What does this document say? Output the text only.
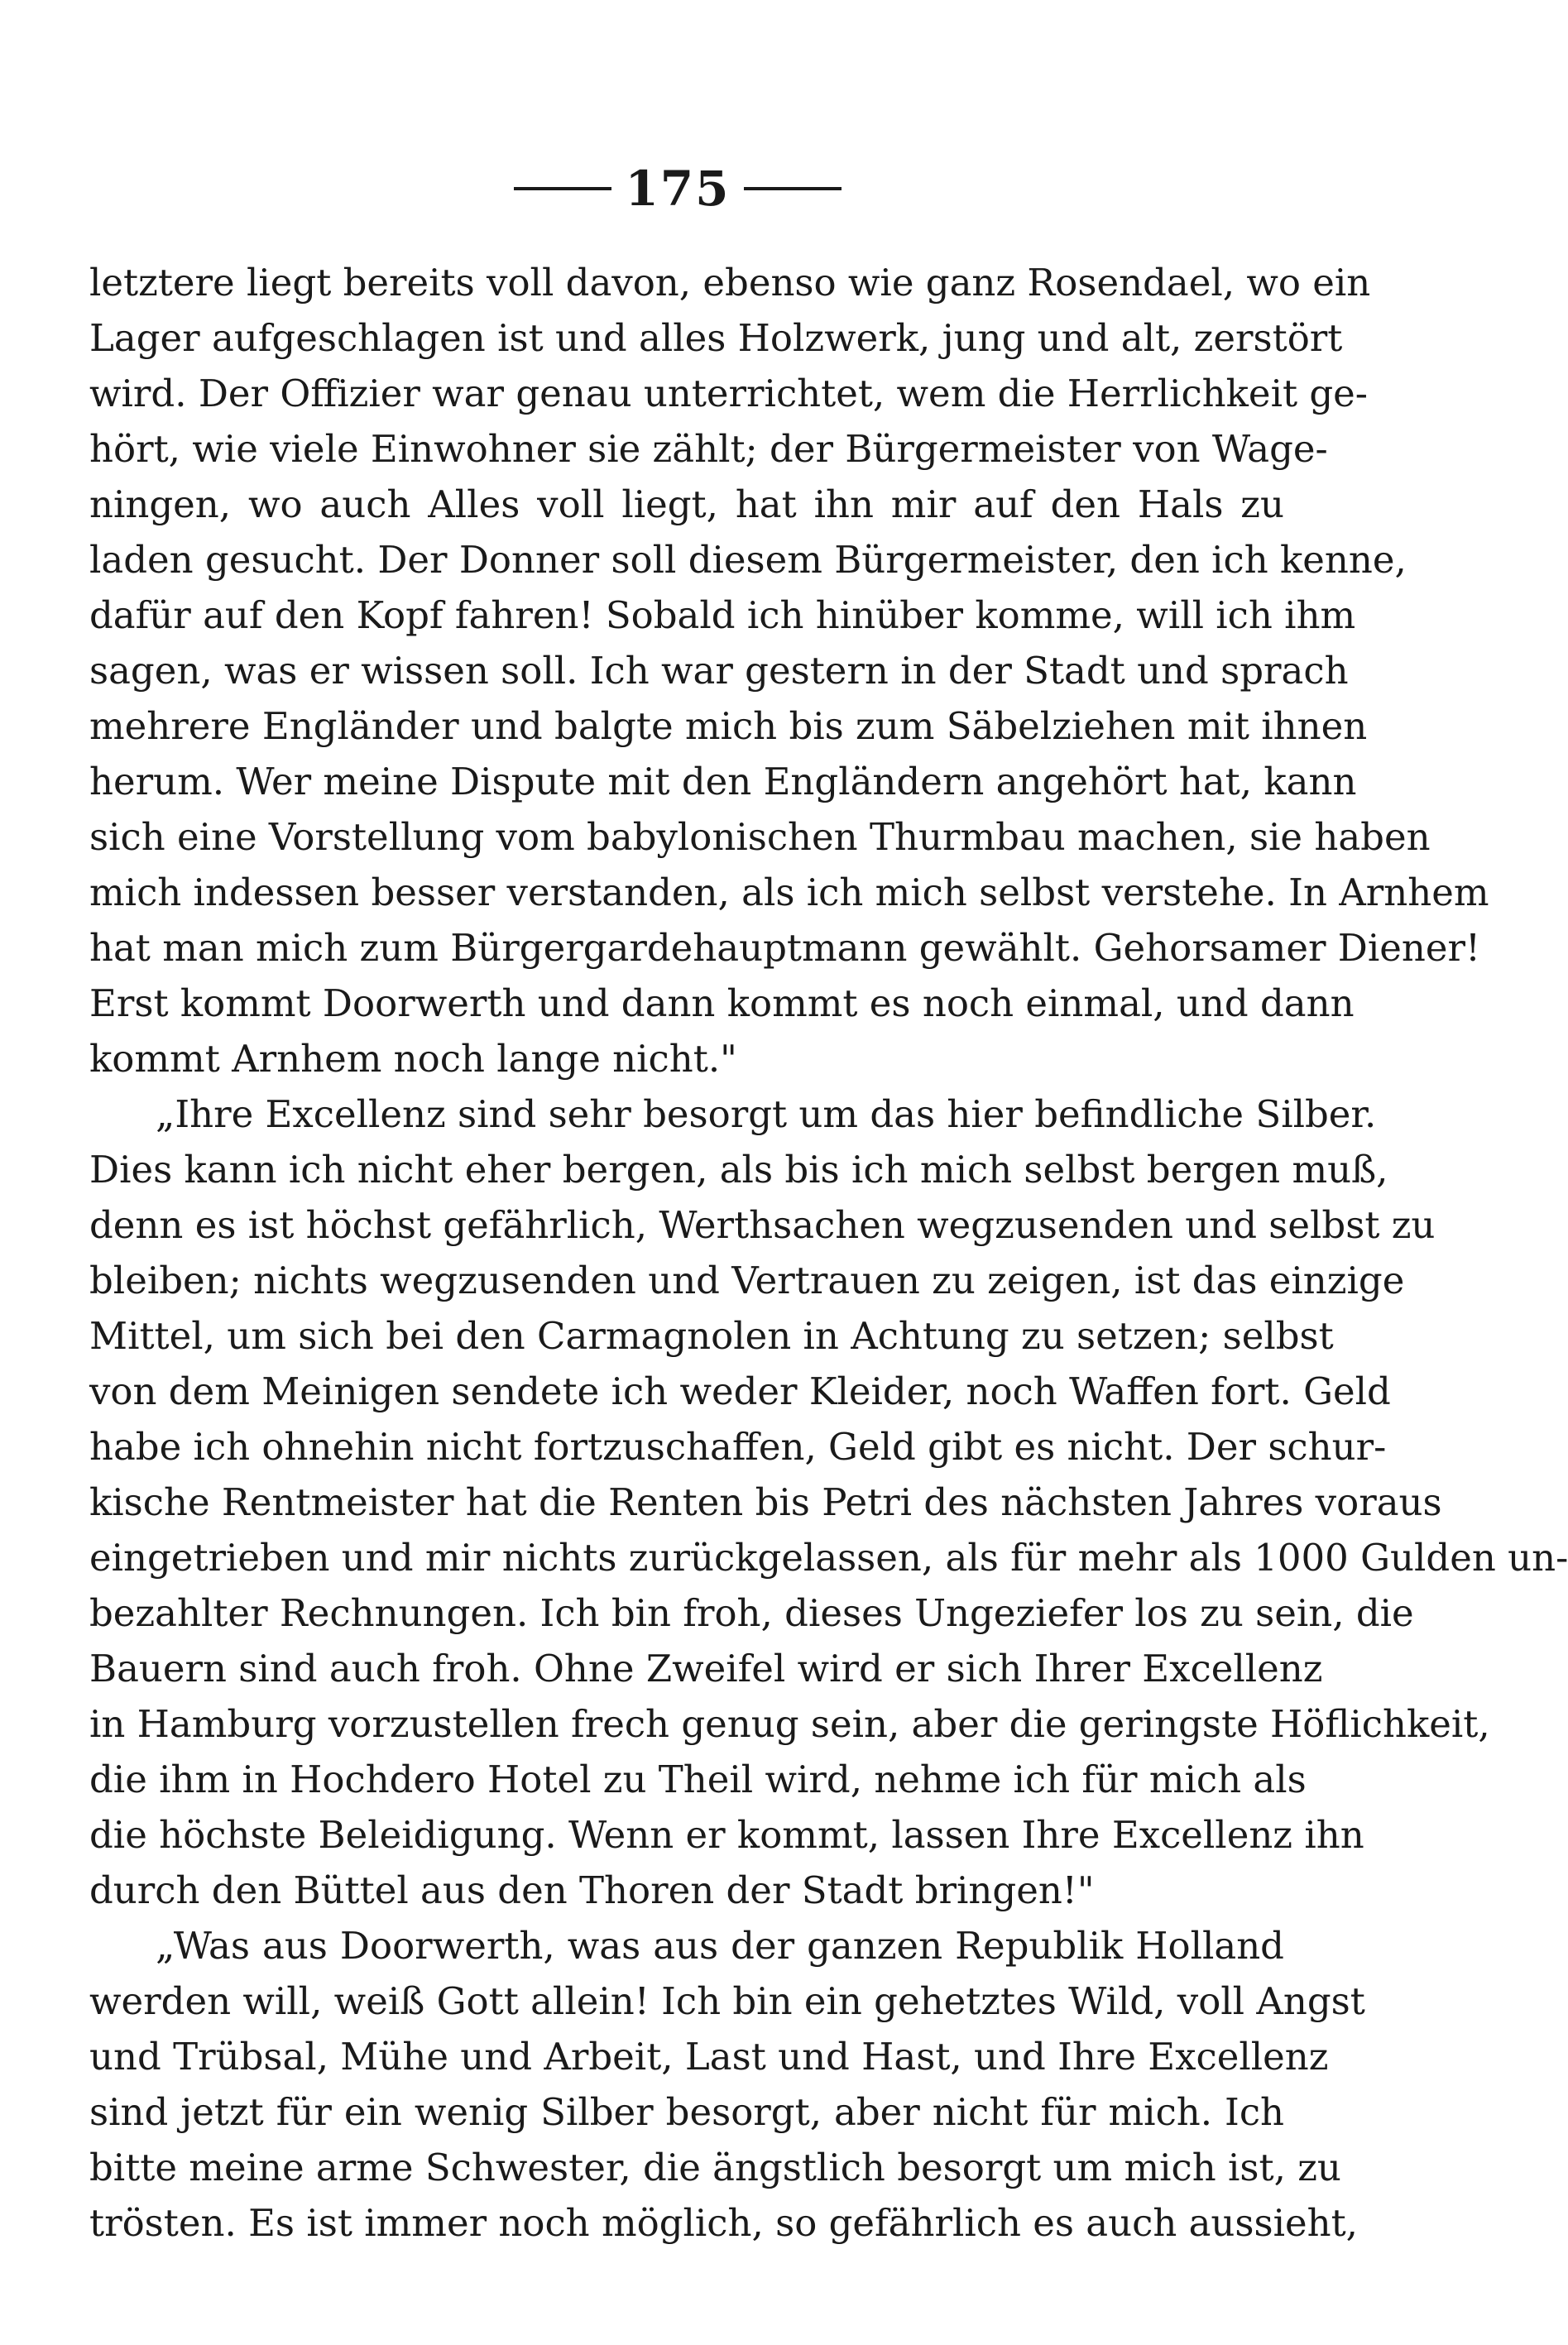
175
letztere liegt bereits voll davon, ebenso wie ganz Rosendael, wo ein
Lager aufgeschlagen ist und alles Holzwerk, jung und alt, zerstört
wird. Der Offizier war genau unterrichtet, wem die Herrlichkeit ge-
hört, wie viele Einwohner sie zählt; der Bürgermeister von Wage-
ningen, wo auch Alles voll liegt, hat ihn mir auf den Hals zu
laden gesucht. Der Donner soll diesem Bürgermeister, den ich kenne,
dafür auf den Kopf fahren! Sobald ich hinüber komme, will ich ihm
sagen, was er wissen soll. Ich war gestern in der Stadt und sprach
mehrere Engländer und balgte mich bis zum Säbelziehen mit ihnen
herum. Wer meine Dispute mit den Engländern angehört hat, kann
sich eine Vorstellung vom babylonischen Thurmbau machen, sie haben
mich indessen besser verstanden, als ich mich selbst verstehe. In Arnhem
hat man mich zum Bürgergardehauptmann gewählt. Gehorsamer Diener!
Erst kommt Doorwerth und dann kommt es noch einmal, und dann
kommt Arnhem noch lange nicht."
„Ihre Excellenz sind sehr besorgt um das hier befindliche Silber.
Dies kann ich nicht eher bergen, als bis ich mich selbst bergen muß,
denn es ist höchst gefährlich, Werthsachen wegzusenden und selbst zu
bleiben; nichts wegzusenden und Vertrauen zu zeigen, ist das einzige
Mittel, um sich bei den Carmagnolen in Achtung zu setzen; selbst
von dem Meinigen sendete ich weder Kleider, noch Waffen fort. Geld
habe ich ohnehin nicht fortzuschaffen, Geld gibt es nicht. Der schur-
kische Rentmeister hat die Renten bis Petri des nächsten Jahres voraus
eingetrieben und mir nichts zurückgelassen, als für mehr als 1000 Gulden un-
bezahlter Rechnungen. Ich bin froh, dieses Ungeziefer los zu sein, die
Bauern sind auch froh. Ohne Zweifel wird er sich Ihrer Excellenz
in Hamburg vorzustellen frech genug sein, aber die geringste Höflichkeit,
die ihm in Hochdero Hotel zu Theil wird, nehme ich für mich als
die höchste Beleidigung. Wenn er kommt, lassen Ihre Excellenz ihn
durch den Büttel aus den Thoren der Stadt bringen!"
„Was aus Doorwerth, was aus der ganzen Republik Holland
werden will, weiß Gott allein! Ich bin ein gehetztes Wild, voll Angst
und Trübsal, Mühe und Arbeit, Last und Hast, und Ihre Excellenz
sind jetzt für ein wenig Silber besorgt, aber nicht für mich. Ich
bitte meine arme Schwester, die ängstlich besorgt um mich ist, zu
trösten. Es ist immer noch möglich, so gefährlich es auch aussieht,
